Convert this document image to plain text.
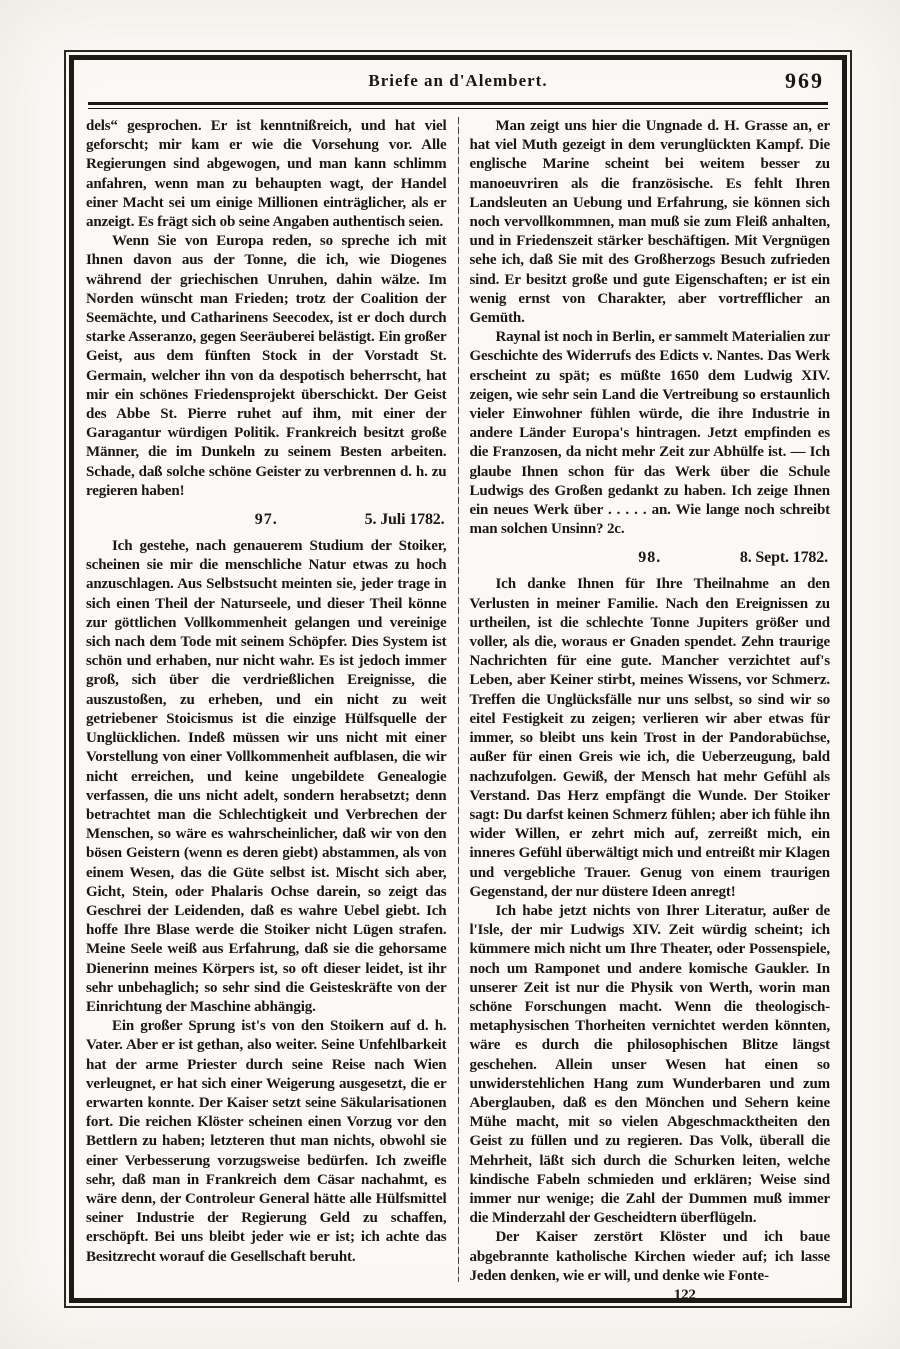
Briefe an d'Alembert.	969

dels“ gesprochen. Er ist kenntnißreich, und hat viel geforscht; mir kam er wie die Vorsehung vor. Alle Regierungen sind abgewogen, und man kann schlimm anfahren, wenn man zu behaupten wagt, der Handel einer Macht sei um einige Millionen einträglicher, als er anzeigt. Es frägt sich ob seine Angaben authentisch seien.

Wenn Sie von Europa reden, so spreche ich mit Ihnen davon aus der Tonne, die ich, wie Diogenes während der griechischen Unruhen, dahin wälze. Im Norden wünscht man Frieden; trotz der Coalition der Seemächte, und Catharinens Seecodex, ist er doch durch starke Asseranzo, gegen Seeräuberei belästigt. Ein großer Geist, aus dem fünften Stock in der Vorstadt St. Germain, welcher ihn von da despotisch beherrscht, hat mir ein schönes Friedensprojekt überschickt. Der Geist des Abbe St. Pierre ruhet auf ihm, mit einer der Garagantur würdigen Politik. Frankreich besitzt große Männer, die im Dunkeln zu seinem Besten arbeiten. Schade, daß solche schöne Geister zu verbrennen d. h. zu regieren haben!

97.	5. Juli 1782.

Ich gestehe, nach genauerem Studium der Stoiker, scheinen sie mir die menschliche Natur etwas zu hoch anzuschlagen. Aus Selbstsucht meinten sie, jeder trage in sich einen Theil der Naturseele, und dieser Theil könne zur göttlichen Vollkommenheit gelangen und vereinige sich nach dem Tode mit seinem Schöpfer. Dies System ist schön und erhaben, nur nicht wahr. Es ist jedoch immer groß, sich über die verdrießlichen Ereignisse, die auszustoßen, zu erheben, und ein nicht zu weit getriebener Stoicismus ist die einzige Hülfsquelle der Unglücklichen. Indeß müssen wir uns nicht mit einer Vorstellung von einer Vollkommenheit aufblasen, die wir nicht erreichen, und keine ungebildete Genealogie verfassen, die uns nicht adelt, sondern herabsetzt; denn betrachtet man die Schlechtigkeit und Verbrechen der Menschen, so wäre es wahrscheinlicher, daß wir von den bösen Geistern (wenn es deren giebt) abstammen, als von einem Wesen, das die Güte selbst ist. Mischt sich aber, Gicht, Stein, oder Phalaris Ochse darein, so zeigt das Geschrei der Leidenden, daß es wahre Uebel giebt. Ich hoffe Ihre Blase werde die Stoiker nicht Lügen strafen. Meine Seele weiß aus Erfahrung, daß sie die gehorsame Dienerinn meines Körpers ist, so oft dieser leidet, ist ihr sehr unbehaglich; so sehr sind die Geisteskräfte von der Einrichtung der Maschine abhängig.

Ein großer Sprung ist's von den Stoikern auf d. h. Vater. Aber er ist gethan, also weiter. Seine Unfehlbarkeit hat der arme Priester durch seine Reise nach Wien verleugnet, er hat sich einer Weigerung ausgesetzt, die er erwarten konnte. Der Kaiser setzt seine Säkularisationen fort. Die reichen Klöster scheinen einen Vorzug vor den Bettlern zu haben; letzteren thut man nichts, obwohl sie einer Verbesserung vorzugsweise bedürfen. Ich zweifle sehr, daß man in Frankreich dem Cäsar nachahmt, es wäre denn, der Controleur General hätte alle Hülfsmittel seiner Industrie der Regierung Geld zu schaffen, erschöpft. Bei uns bleibt jeder wie er ist; ich achte das Besitzrecht worauf die Gesellschaft beruht.

Man zeigt uns hier die Ungnade d. H. Grasse an, er hat viel Muth gezeigt in dem verunglückten Kampf. Die englische Marine scheint bei weitem besser zu manoeuvriren als die französische. Es fehlt Ihren Landsleuten an Uebung und Erfahrung, sie können sich noch vervollkommnen, man muß sie zum Fleiß anhalten, und in Friedenszeit stärker beschäftigen. Mit Vergnügen sehe ich, daß Sie mit des Großherzogs Besuch zufrieden sind. Er besitzt große und gute Eigenschaften; er ist ein wenig ernst von Charakter, aber vortrefflicher an Gemüth.

Raynal ist noch in Berlin, er sammelt Materialien zur Geschichte des Widerrufs des Edicts v. Nantes. Das Werk erscheint zu spät; es müßte 1650 dem Ludwig XIV. zeigen, wie sehr sein Land die Vertreibung so erstaunlich vieler Einwohner fühlen würde, die ihre Industrie in andere Länder Europa's hintragen. Jetzt empfinden es die Franzosen, da nicht mehr Zeit zur Abhülfe ist. — Ich glaube Ihnen schon für das Werk über die Schule Ludwigs des Großen gedankt zu haben. Ich zeige Ihnen ein neues Werk über . . . . . an. Wie lange noch schreibt man solchen Unsinn? 2c.

98.	8. Sept. 1782.

Ich danke Ihnen für Ihre Theilnahme an den Verlusten in meiner Familie. Nach den Ereignissen zu urtheilen, ist die schlechte Tonne Jupiters größer und voller, als die, woraus er Gnaden spendet. Zehn traurige Nachrichten für eine gute. Mancher verzichtet auf's Leben, aber Keiner stirbt, meines Wissens, vor Schmerz. Treffen die Unglücksfälle nur uns selbst, so sind wir so eitel Festigkeit zu zeigen; verlieren wir aber etwas für immer, so bleibt uns kein Trost in der Pandorabüchse, außer für einen Greis wie ich, die Ueberzeugung, bald nachzufolgen. Gewiß, der Mensch hat mehr Gefühl als Verstand. Das Herz empfängt die Wunde. Der Stoiker sagt: Du darfst keinen Schmerz fühlen; aber ich fühle ihn wider Willen, er zehrt mich auf, zerreißt mich, ein inneres Gefühl überwältigt mich und entreißt mir Klagen und vergebliche Trauer. Genug von einem traurigen Gegenstand, der nur düstere Ideen anregt!

Ich habe jetzt nichts von Ihrer Literatur, außer de l'Isle, der mir Ludwigs XIV. Zeit würdig scheint; ich kümmere mich nicht um Ihre Theater, oder Possenspiele, noch um Ramponet und andere komische Gaukler. In unserer Zeit ist nur die Physik von Werth, worin man schöne Forschungen macht. Wenn die theologisch-metaphysischen Thorheiten vernichtet werden könnten, wäre es durch die philosophischen Blitze längst geschehen. Allein unser Wesen hat einen so unwiderstehlichen Hang zum Wunderbaren und zum Aberglauben, daß es den Mönchen und Sehern keine Mühe macht, mit so vielen Abgeschmacktheiten den Geist zu füllen und zu regieren. Das Volk, überall die Mehrheit, läßt sich durch die Schurken leiten, welche kindische Fabeln schmieden und erklären; Weise sind immer nur wenige; die Zahl der Dummen muß immer die Minderzahl der Gescheidtern überflügeln.

Der Kaiser zerstört Klöster und ich baue abgebrannte katholische Kirchen wieder auf; ich lasse Jeden denken, wie er will, und denke wie Fonte-

122
